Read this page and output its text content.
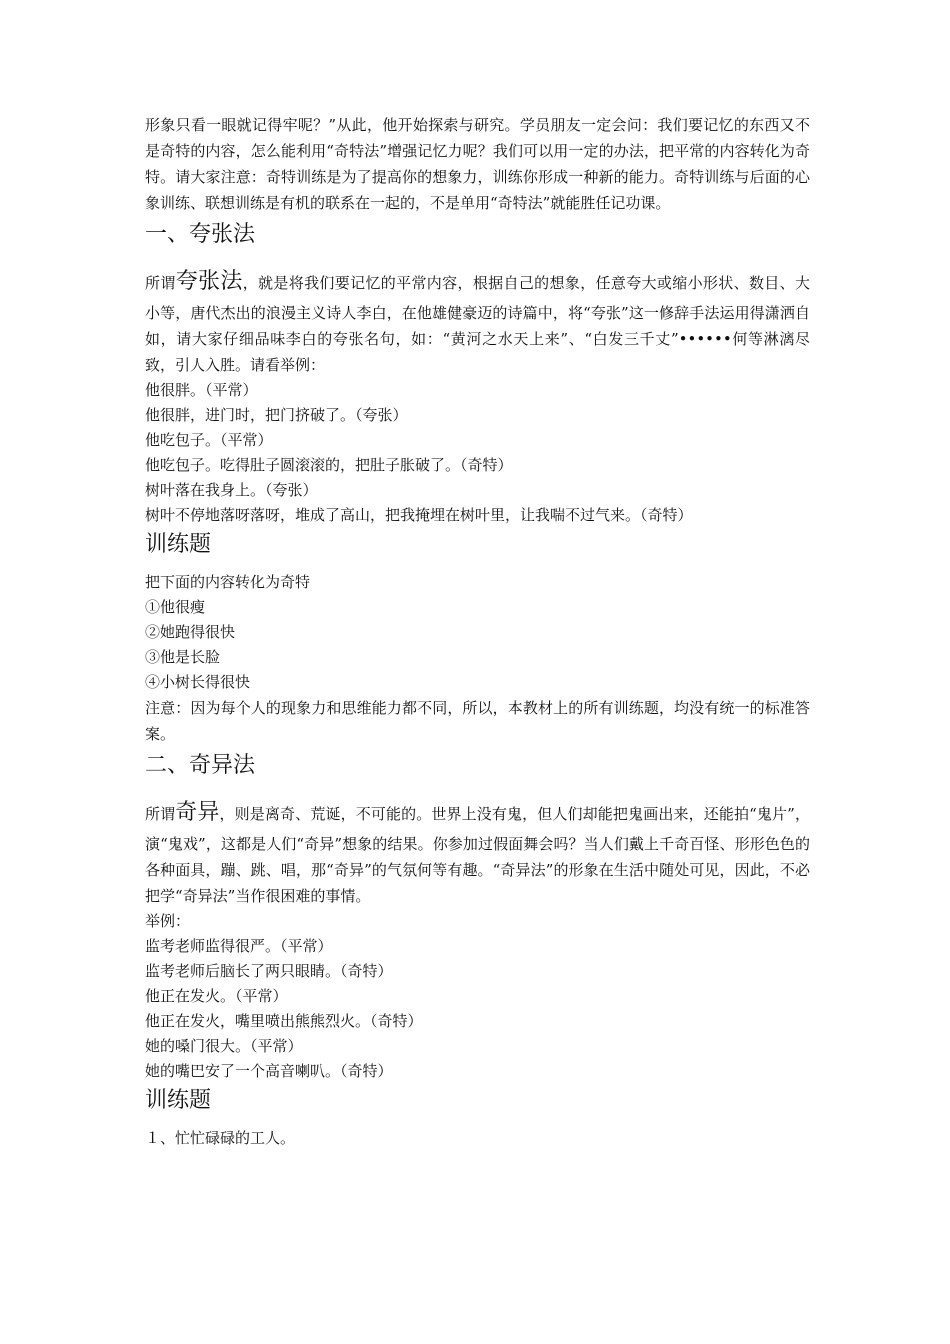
形象只看一眼就记得牢呢？”从此，他开始探索与研究。学员朋友一定会问：我们要记忆的东西又不是奇特的内容，怎么能利用“奇特法”增强记忆力呢？我们可以用一定的办法，把平常的内容转化为奇特。请大家注意：奇特训练是为了提高你的想象力，训练你形成一种新的能力。奇特训练与后面的心象训练、联想训练是有机的联系在一起的，不是单用“奇特法”就能胜任记功课。

一、夸张法

所谓夸张法，就是将我们要记忆的平常内容，根据自己的想象，任意夸大或缩小形状、数目、大小等，唐代杰出的浪漫主义诗人李白，在他雄健豪迈的诗篇中，将“夸张”这一修辞手法运用得潇洒自如，请大家仔细品味李白的夸张名句，如：“黄河之水天上来”、“白发三千丈”••••••何等淋漓尽致，引人入胜。请看举例：

他很胖。（平常）

他很胖，进门时，把门挤破了。（夸张）

他吃包子。（平常）

他吃包子。吃得肚子圆滚滚的，把肚子胀破了。（奇特）

树叶落在我身上。（夸张）

树叶不停地落呀落呀，堆成了高山，把我掩埋在树叶里，让我喘不过气来。（奇特）

训练题

把下面的内容转化为奇特

①他很瘦

②她跑得很快

③他是长脸

④小树长得很快

注意：因为每个人的现象力和思维能力都不同，所以，本教材上的所有训练题，均没有统一的标准答案。

二、奇异法

所谓奇异，则是离奇、荒诞，不可能的。世界上没有鬼，但人们却能把鬼画出来，还能拍“鬼片”，演“鬼戏”，这都是人们“奇异”想象的结果。你参加过假面舞会吗？当人们戴上千奇百怪、形形色色的各种面具，蹦、跳、唱，那“奇异”的气氛何等有趣。“奇异法”的形象在生活中随处可见，因此，不必把学“奇异法”当作很困难的事情。

举例：

监考老师监得很严。（平常）

监考老师后脑长了两只眼睛。（奇特）

他正在发火。（平常）

他正在发火，嘴里喷出熊熊烈火。（奇特）

她的嗓门很大。（平常）

她的嘴巴安了一个高音喇叭。（奇特）

训练题

１、忙忙碌碌的工人。
